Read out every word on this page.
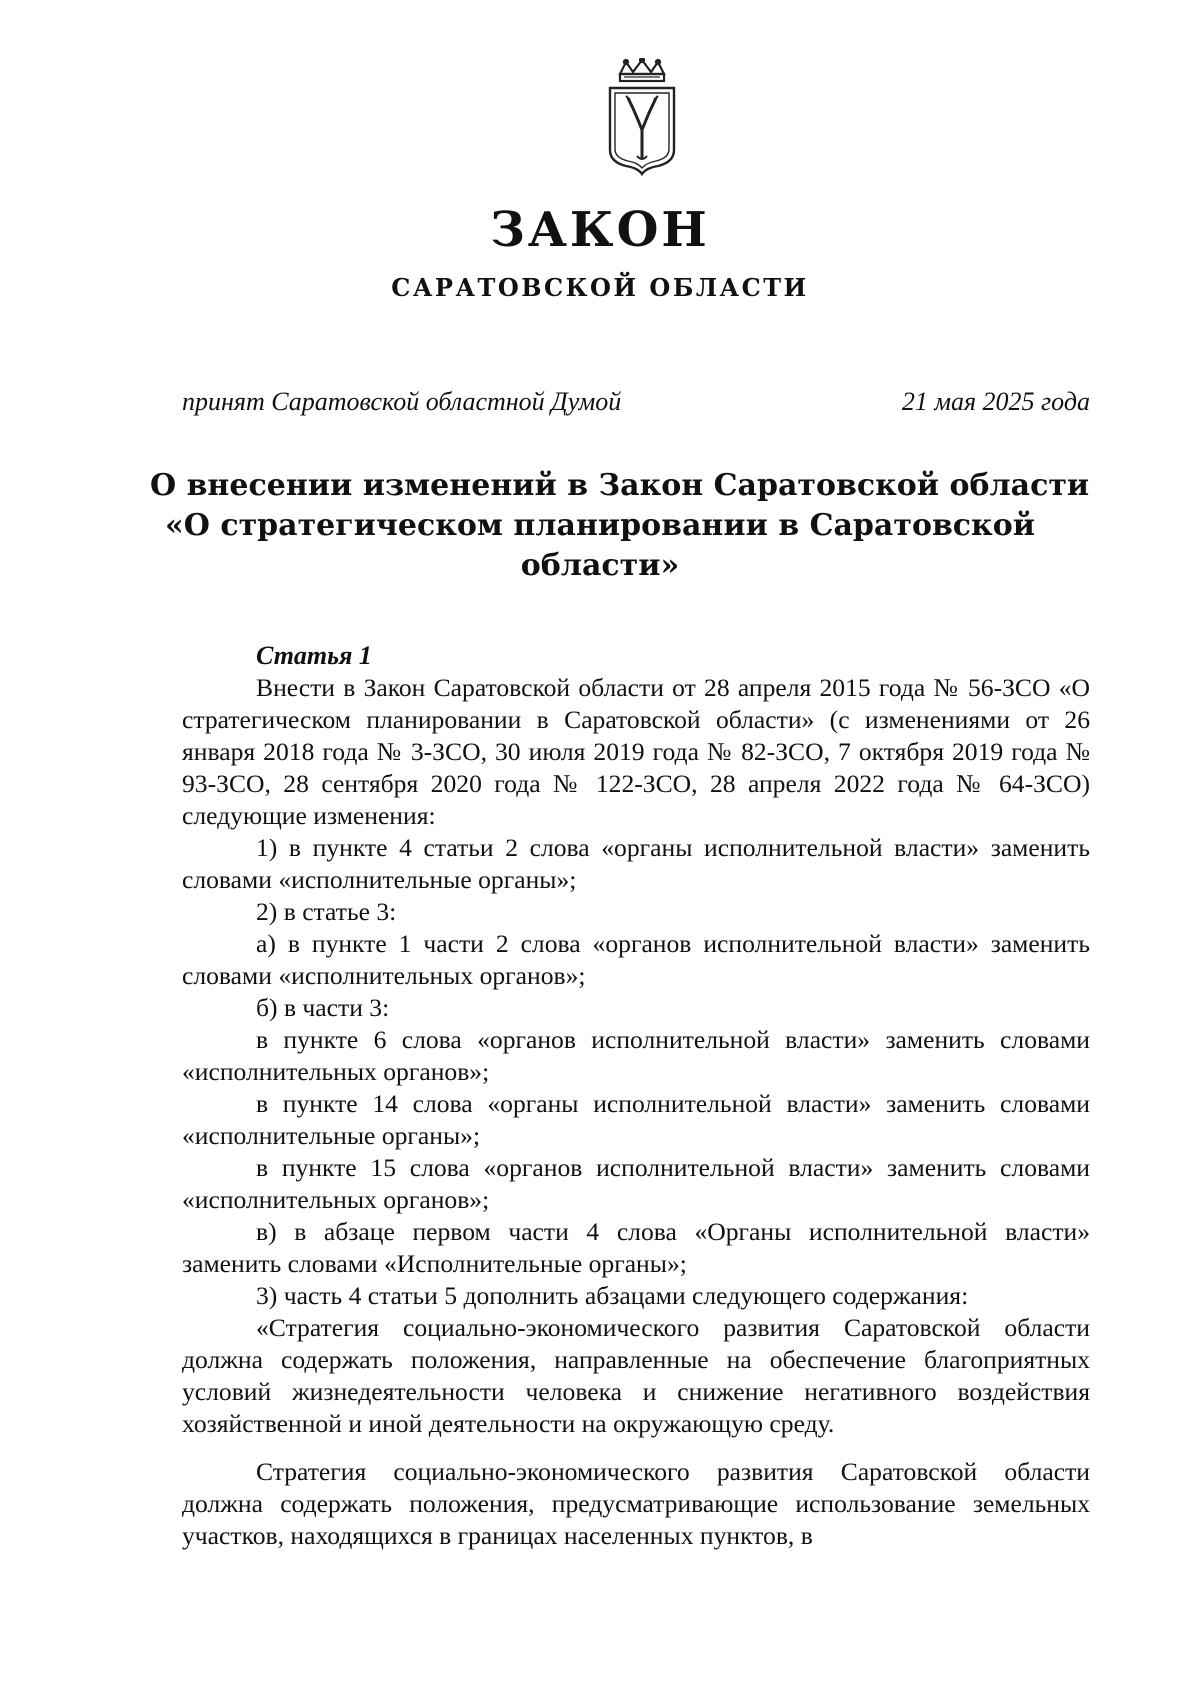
ЗАКОН
САРАТОВСКОЙ ОБЛАСТИ
принят Саратовской областной Думой	21 мая 2025 года
О внесении изменений в Закон Саратовской области
«О стратегическом планировании в Саратовской
области»
Статья 1

Внести в Закон Саратовской области от 28 апреля 2015 года № 56-ЗСО «О стратегическом планировании в Саратовской области» (с изменениями от 26 января 2018 года № 3-ЗСО, 30 июля 2019 года № 82-ЗСО, 7 октября 2019 года № 93-ЗСО, 28 сентября 2020 года № 122-ЗСО, 28 апреля 2022 года № 64-ЗСО) следующие изменения:

1) в пункте 4 статьи 2 слова «органы исполнительной власти» заменить словами «исполнительные органы»;

2) в статье 3:

а) в пункте 1 части 2 слова «органов исполнительной власти» заменить словами «исполнительных органов»;

б) в части 3:

в пункте 6 слова «органов исполнительной власти» заменить словами «исполнительных органов»;

в пункте 14 слова «органы исполнительной власти» заменить словами «исполнительные органы»;

в пункте 15 слова «органов исполнительной власти» заменить словами «исполнительных органов»;

в) в абзаце первом части 4 слова «Органы исполнительной власти» заменить словами «Исполнительные органы»;

3) часть 4 статьи 5 дополнить абзацами следующего содержания:

«Стратегия социально-экономического развития Саратовской области должна содержать положения, направленные на обеспечение благоприятных условий жизнедеятельности человека и снижение негативного воздействия хозяйственной и иной деятельности на окружающую среду.

Стратегия социально-экономического развития Саратовской области должна содержать положения, предусматривающие использование земельных участков, находящихся в границах населенных пунктов, в
